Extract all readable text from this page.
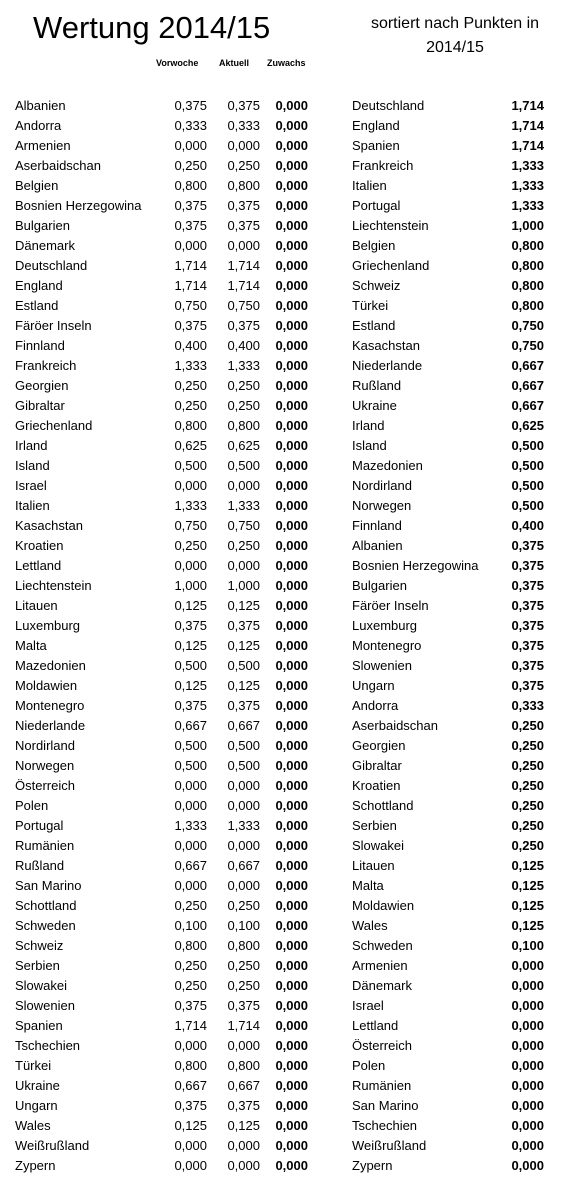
Wertung 2014/15	sortiert nach Punkten in 2014/15
Vorwoche Aktuell Zuwachs
Albanien	0,375	0,375	0,000	Deutschland	1,714
Andorra	0,333	0,333	0,000	England	1,714
Armenien	0,000	0,000	0,000	Spanien	1,714
Aserbaidschan	0,250	0,250	0,000	Frankreich	1,333
Belgien	0,800	0,800	0,000	Italien	1,333
Bosnien Herzegowina	0,375	0,375	0,000	Portugal	1,333
Bulgarien	0,375	0,375	0,000	Liechtenstein	1,000
Dänemark	0,000	0,000	0,000	Belgien	0,800
Deutschland	1,714	1,714	0,000	Griechenland	0,800
England	1,714	1,714	0,000	Schweiz	0,800
Estland	0,750	0,750	0,000	Türkei	0,800
Färöer Inseln	0,375	0,375	0,000	Estland	0,750
Finnland	0,400	0,400	0,000	Kasachstan	0,750
Frankreich	1,333	1,333	0,000	Niederlande	0,667
Georgien	0,250	0,250	0,000	Rußland	0,667
Gibraltar	0,250	0,250	0,000	Ukraine	0,667
Griechenland	0,800	0,800	0,000	Irland	0,625
Irland	0,625	0,625	0,000	Island	0,500
Island	0,500	0,500	0,000	Mazedonien	0,500
Israel	0,000	0,000	0,000	Nordirland	0,500
Italien	1,333	1,333	0,000	Norwegen	0,500
Kasachstan	0,750	0,750	0,000	Finnland	0,400
Kroatien	0,250	0,250	0,000	Albanien	0,375
Lettland	0,000	0,000	0,000	Bosnien Herzegowina	0,375
Liechtenstein	1,000	1,000	0,000	Bulgarien	0,375
Litauen	0,125	0,125	0,000	Färöer Inseln	0,375
Luxemburg	0,375	0,375	0,000	Luxemburg	0,375
Malta	0,125	0,125	0,000	Montenegro	0,375
Mazedonien	0,500	0,500	0,000	Slowenien	0,375
Moldawien	0,125	0,125	0,000	Ungarn	0,375
Montenegro	0,375	0,375	0,000	Andorra	0,333
Niederlande	0,667	0,667	0,000	Aserbaidschan	0,250
Nordirland	0,500	0,500	0,000	Georgien	0,250
Norwegen	0,500	0,500	0,000	Gibraltar	0,250
Österreich	0,000	0,000	0,000	Kroatien	0,250
Polen	0,000	0,000	0,000	Schottland	0,250
Portugal	1,333	1,333	0,000	Serbien	0,250
Rumänien	0,000	0,000	0,000	Slowakei	0,250
Rußland	0,667	0,667	0,000	Litauen	0,125
San Marino	0,000	0,000	0,000	Malta	0,125
Schottland	0,250	0,250	0,000	Moldawien	0,125
Schweden	0,100	0,100	0,000	Wales	0,125
Schweiz	0,800	0,800	0,000	Schweden	0,100
Serbien	0,250	0,250	0,000	Armenien	0,000
Slowakei	0,250	0,250	0,000	Dänemark	0,000
Slowenien	0,375	0,375	0,000	Israel	0,000
Spanien	1,714	1,714	0,000	Lettland	0,000
Tschechien	0,000	0,000	0,000	Österreich	0,000
Türkei	0,800	0,800	0,000	Polen	0,000
Ukraine	0,667	0,667	0,000	Rumänien	0,000
Ungarn	0,375	0,375	0,000	San Marino	0,000
Wales	0,125	0,125	0,000	Tschechien	0,000
Weißrußland	0,000	0,000	0,000	Weißrußland	0,000
Zypern	0,000	0,000	0,000	Zypern	0,000
